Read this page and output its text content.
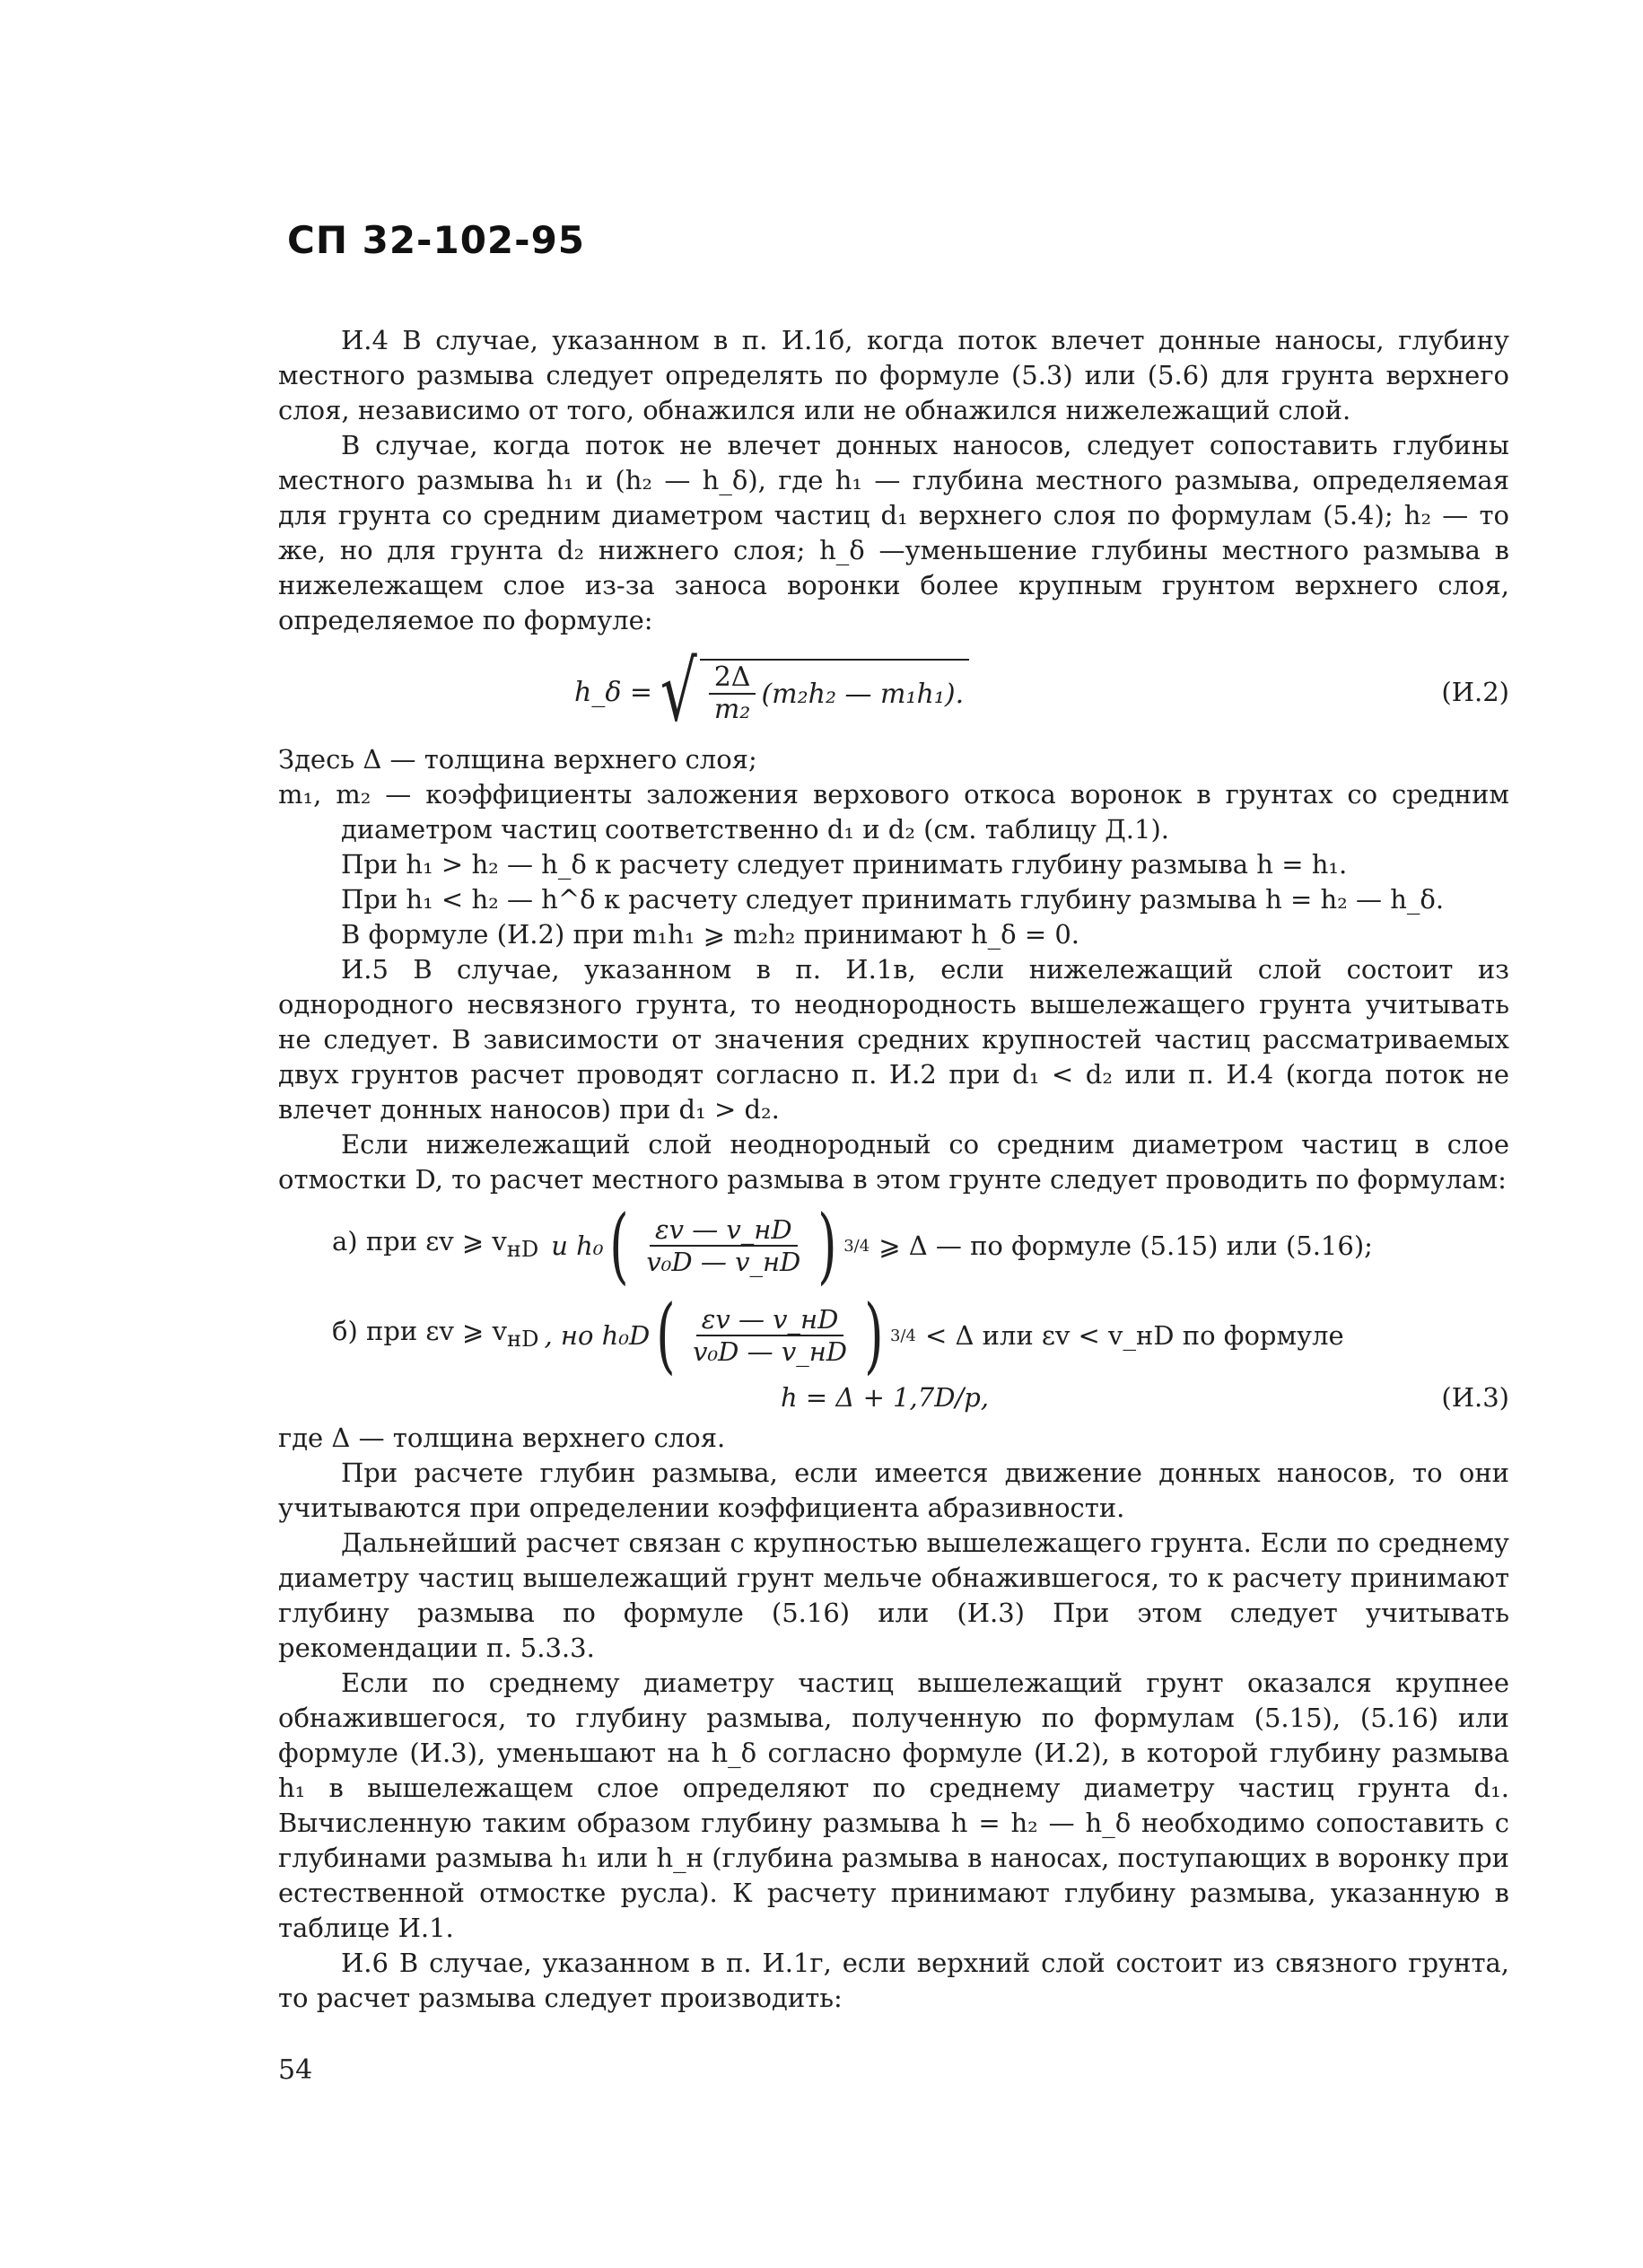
СП 32-102-95

И.4 В случае, указанном в п. И.1б, когда поток влечет донные наносы, глубину местного размыва следует определять по формуле (5.3) или (5.6) для грунта верхнего слоя, независимо от того, обнажился или не обнажился нижележащий слой.

В случае, когда поток не влечет донных наносов, следует сопоставить глубины местного размыва h₁ и (h₂ — h_δ), где h₁ — глубина местного размыва, определяемая для грунта со средним диаметром частиц d₁ верхнего слоя по формулам (5.4); h₂ — то же, но для грунта d₂ нижнего слоя; h_δ —уменьшение глубины местного размыва в нижележащем слое из-за заноса воронки более крупным грунтом верхнего слоя, определяемое по формуле:

h_δ = √ $\frac{2\Delta}{\text{m₂}} (m_2h_2$ — m₁h₁).	(И.2)

Здесь Δ — толщина верхнего слоя;

m₁, m₂ — коэффициенты заложения верхового откоса воронок в грунтах со средним диаметром частиц соответственно d₁ и d₂ (см. таблицу Д.1).

При h₁ > h₂ — h_δ к расчету следует принимать глубину размыва h = h₁.

При h₁ < h₂ — h^δ к расчету следует принимать глубину размыва h = h₂ — h_δ.

В формуле (И.2) при m₁h₁ ⩾ m₂h₂ принимают h_δ = 0.

И.5 В случае, указанном в п. И.1в, если нижележащий слой состоит из однородного несвязного грунта, то неоднородность вышележащего грунта учитывать не следует. В зависимости от значения средних крупностей частиц рассматриваемых двух грунтов расчет проводят согласно п. И.2 при d₁ < d₂ или п. И.4 (когда поток не влечет донных наносов) при d₁ > d₂.

Если нижележащий слой неоднородный со средним диаметром частиц в слое отмостки D, то расчет местного размыва в этом грунте следует проводить по формулам:

а) при εv ⩾ $v_{нD}$ и h₀ ( $\frac{\varepsilon v — v\_нD}{\text{v₀D — v\_нD}}$ ) 3/4 ⩾ Δ — по формуле (5.15) или (5.16);
б) при εv ⩾ $v_{нD}$ , но h₀D ( $\frac{\varepsilon v — v\_нD}{\text{v₀D — v\_нD}}$ ) 3/4 < Δ или εv < v_нD по формуле
h = Δ + 1,7D/p,	(И.3)

где Δ — толщина верхнего слоя.

При расчете глубин размыва, если имеется движение донных наносов, то они учитываются при определении коэффициента абразивности.

Дальнейший расчет связан с крупностью вышележащего грунта. Если по среднему диаметру частиц вышележащий грунт мельче обнажившегося, то к расчету принимают глубину размыва по формуле (5.16) или (И.3) При этом следует учитывать рекомендации п. 5.3.3.

Если по среднему диаметру частиц вышележащий грунт оказался крупнее обнажившегося, то глубину размыва, полученную по формулам (5.15), (5.16) или формуле (И.3), уменьшают на h_δ согласно формуле (И.2), в которой глубину размыва h₁ в вышележащем слое определяют по среднему диаметру частиц грунта d₁. Вычисленную таким образом глубину размыва h = h₂ — h_δ необходимо сопоставить с глубинами размыва h₁ или h_н (глубина размыва в наносах, поступающих в воронку при естественной отмостке русла). К расчету принимают глубину размыва, указанную в таблице И.1.

И.6 В случае, указанном в п. И.1г, если верхний слой состоит из связного грунта, то расчет размыва следует производить:

54
